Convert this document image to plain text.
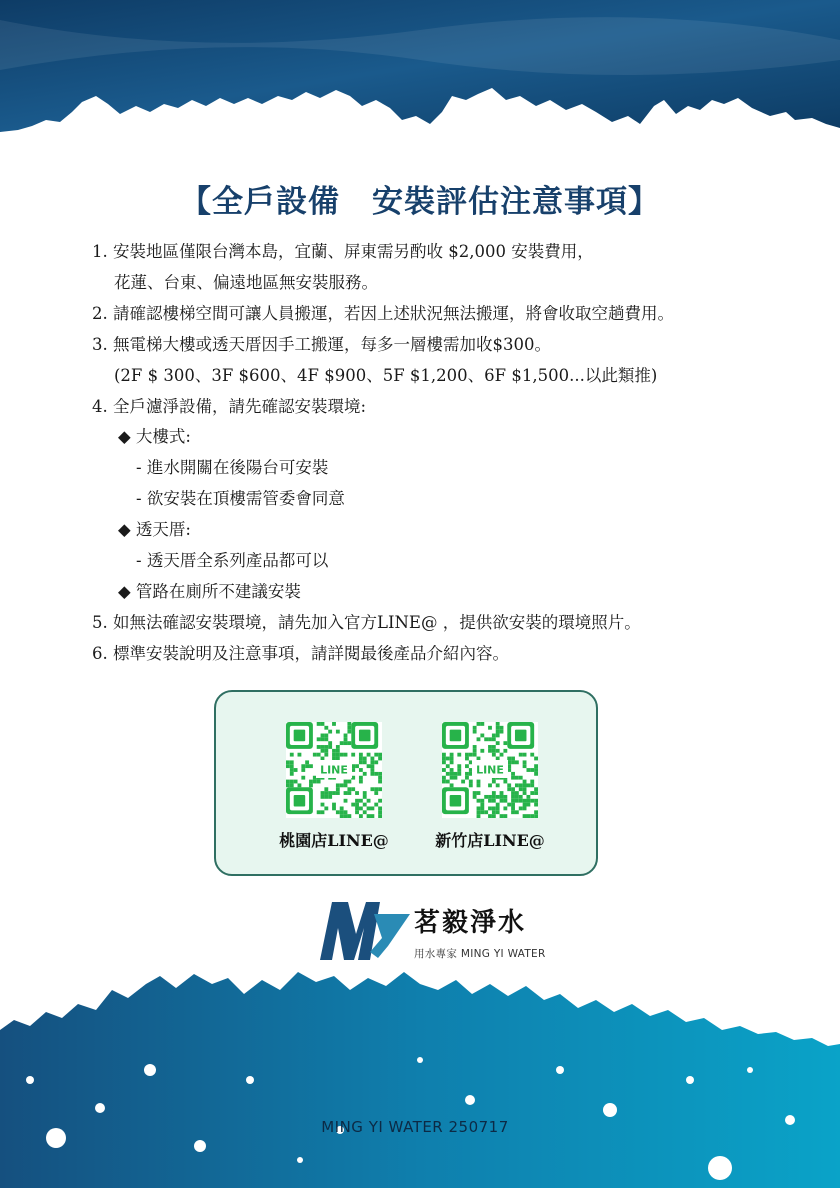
【全戶設備　安裝評估注意事項】
1. 安裝地區僅限台灣本島，宜蘭、屏東需另酌收 $2,000 安裝費用，
花蓮、台東、偏遠地區無安裝服務。
2. 請確認樓梯空間可讓人員搬運，若因上述狀況無法搬運，將會收取空趟費用。
3. 無電梯大樓或透天厝因手工搬運，每多一層樓需加收$300。
(2F $ 300、3F $600、4F $900、5F $1,200、6F $1,500...以此類推)
4. 全戶濾淨設備，請先確認安裝環境:
◆ 大樓式:
- 進水開關在後陽台可安裝
- 欲安裝在頂樓需管委會同意
◆ 透天厝:
- 透天厝全系列產品都可以
◆ 管路在廁所不建議安裝
5. 如無法確認安裝環境，請先加入官方LINE@ ，提供欲安裝的環境照片。
6. 標準安裝說明及注意事項，請詳閱最後產品介紹內容。
LINE
桃園店LINE@
LINE
新竹店LINE@
茗毅淨水
用水專家 MING YI WATER
MING YI WATER 250717
